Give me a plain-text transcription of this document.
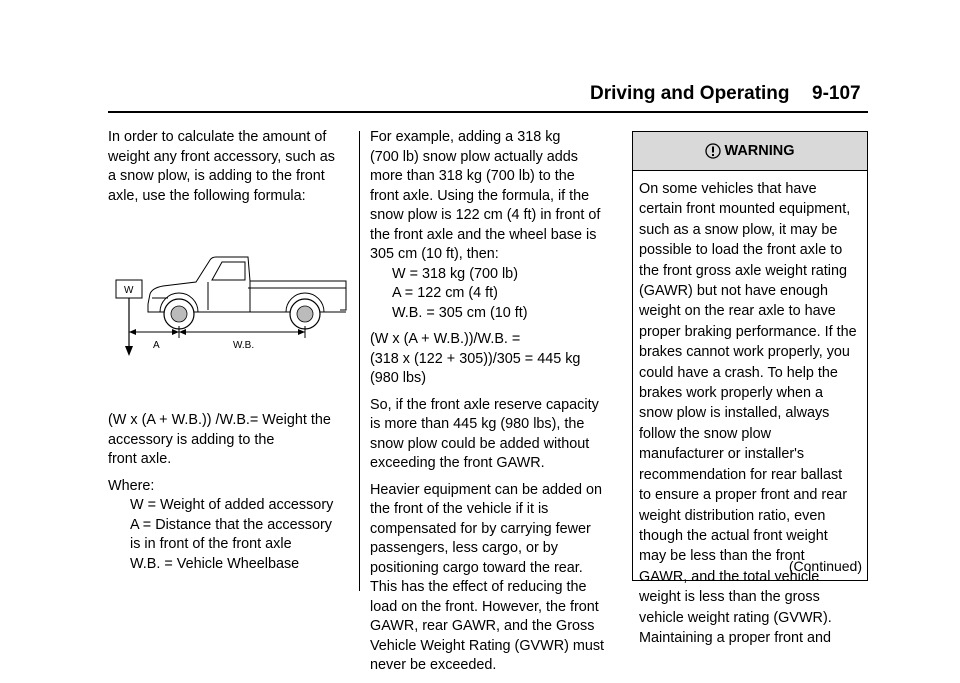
Driving and Operating 9-107

In order to calculate the amount of
weight any front accessory, such as
a snow plow, is adding to the front
axle, use the following formula:

W
A	W.B.

(W x (A + W.B.)) /W.B.= Weight the
accessory is adding to the
front axle.

Where:

W = Weight of added accessory

A = Distance that the accessory
is in front of the front axle

W.B. = Vehicle Wheelbase

For example, adding a 318 kg
(700 lb) snow plow actually adds
more than 318 kg (700 lb) to the
front axle. Using the formula, if the
snow plow is 122 cm (4 ft) in front of
the front axle and the wheel base is
305 cm (10 ft), then:

W = 318 kg (700 lb)

A = 122 cm (4 ft)

W.B. = 305 cm (10 ft)

(W x (A + W.B.))/W.B. =
(318 x (122 + 305))/305 = 445 kg
(980 lbs)

So, if the front axle reserve capacity
is more than 445 kg (980 lbs), the
snow plow could be added without
exceeding the front GAWR.

Heavier equipment can be added on
the front of the vehicle if it is
compensated for by carrying fewer
passengers, less cargo, or by
positioning cargo toward the rear.
This has the effect of reducing the
load on the front. However, the front
GAWR, rear GAWR, and the Gross
Vehicle Weight Rating (GVWR) must
never be exceeded.

WARNING
On some vehicles that have
certain front mounted equipment,
such as a snow plow, it may be
possible to load the front axle to
the front gross axle weight rating
(GAWR) but not have enough
weight on the rear axle to have
proper braking performance. If the
brakes cannot work properly, you
could have a crash. To help the
brakes work properly when a
snow plow is installed, always
follow the snow plow
manufacturer or installer's
recommendation for rear ballast
to ensure a proper front and rear
weight distribution ratio, even
though the actual front weight
may be less than the front
GAWR, and the total vehicle
weight is less than the gross
vehicle weight rating (GVWR).
Maintaining a proper front and
(Continued)
